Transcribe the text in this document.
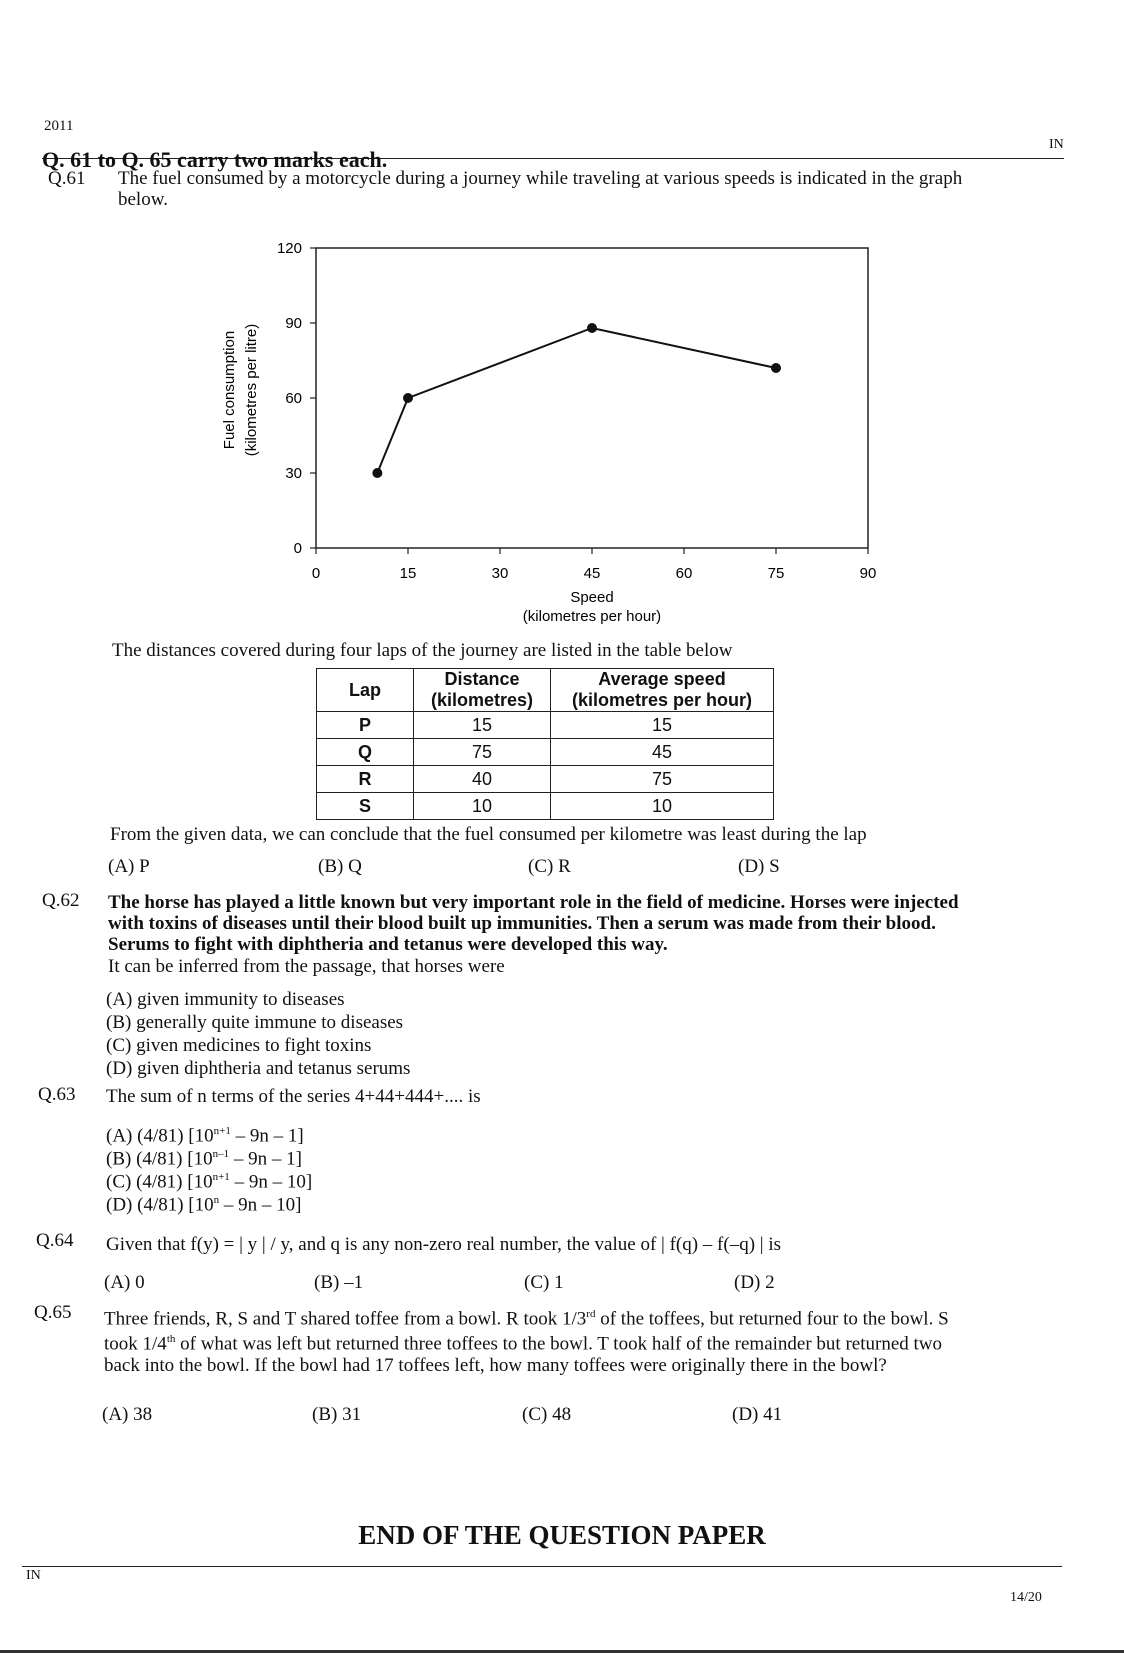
2011
IN
Q. 61 to Q. 65 carry two marks each.
Q.61 The fuel consumed by a motorcycle during a journey while traveling at various speeds is indicated in the graph below.
0	15	30	45	60	75	90
0
30
60
90
120
Fuel consumption (kilometres per litre)
Speed
(kilometres per hour)
The distances covered during four laps of the journey are listed in the table below
Lap	Distance (kilometres)	Average speed (kilometres per hour)
P	15	15
Q	75	45
R	40	75
S	10	10
From the given data, we can conclude that the fuel consumed per kilometre was least during the lap
(A) P	(B) Q	(C) R	(D) S
Q.62 The horse has played a little known but very important role in the field of medicine. Horses were injected with toxins of diseases until their blood built up immunities. Then a serum was made from their blood. Serums to fight with diphtheria and tetanus were developed this way.
It can be inferred from the passage, that horses were
(A) given immunity to diseases
(B) generally quite immune to diseases
(C) given medicines to fight toxins
(D) given diphtheria and tetanus serums
Q.63 The sum of n terms of the series 4+44+444+.... is
(A) (4/81) $[10^{n+1} - 9n - 1]$
(B) (4/81) [10$^{n-1}$ – 9n – 1]
(C) (4/81) $[10^{n+1} - 9n - 10]$
(D) (4/81) [10$^n$ – 9n – 10]
Q.64 Given that f(y) = | y | / y, and q is any non-zero real number, the value of | f(q) – f(–q) | is
(A) 0	(B) –1	(C) 1	(D) 2
Q.65 Three friends, R, S and T shared toffee from a bowl. R took 1/3rd of the toffees, but returned four to the bowl. S took 1/4th of what was left but returned three toffees to the bowl. T took half of the remainder but returned two back into the bowl. If the bowl had 17 toffees left, how many toffees were originally there in the bowl?
(A) 38	(B) 31	(C) 48	(D) 41
END OF THE QUESTION PAPER
IN
14/20
